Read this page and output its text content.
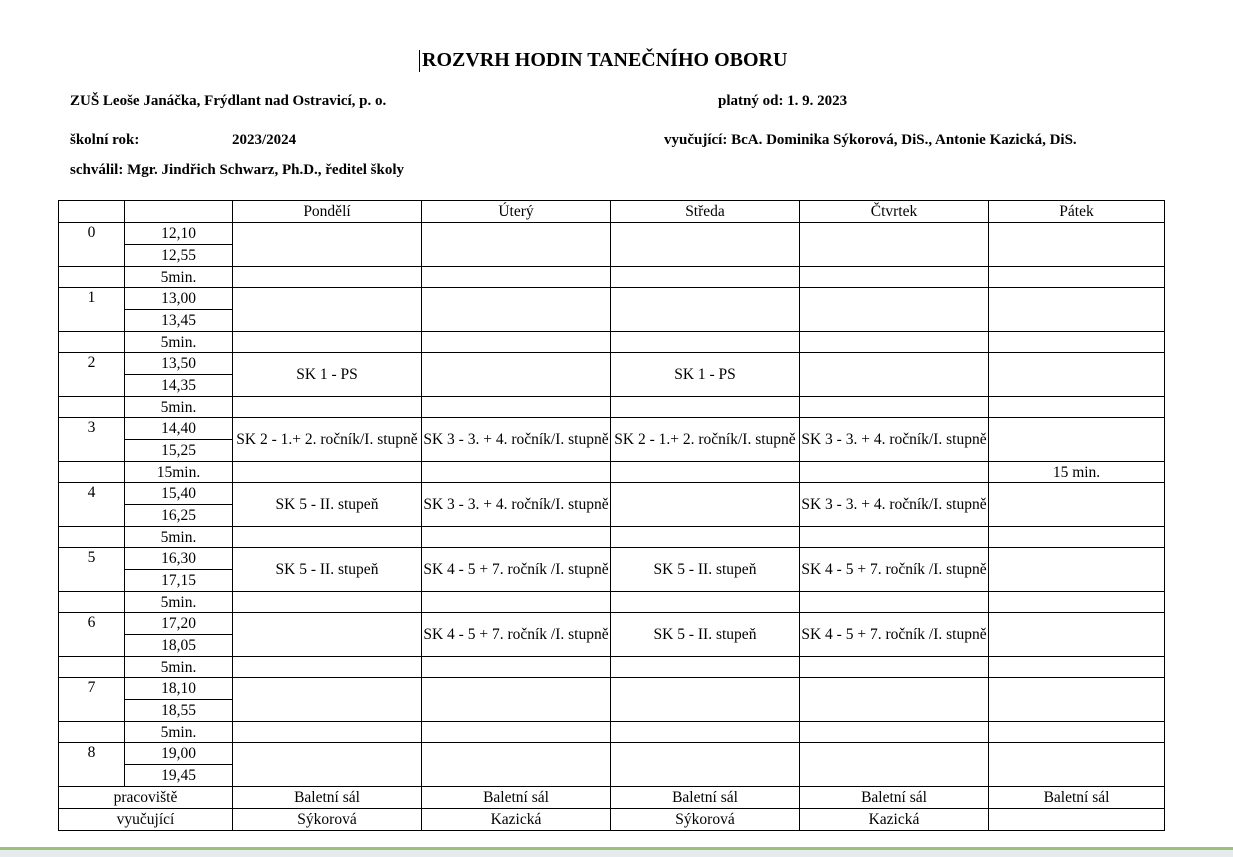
ROZVRH HODIN TANEČNÍHO OBORU
ZUŠ Leoše Janáčka, Frýdlant nad Ostravicí, p. o.	platný od: 1. 9. 2023
školní rok:	2023/2024	vyučující: BcA. Dominika Sýkorová, DiS., Antonie Kazická, DiS.
schválil: Mgr. Jindřich Schwarz, Ph.D., ředitel školy
		Pondělí	Úterý	Středa	Čtvrtek	Pátek
0	12,10					
	12,55					
	5min.					
1	13,00					
	13,45					
	5min.					
2	13,50	SK 1 - PS		SK 1 - PS		
	14,35					
	5min.					
3	14,40	SK 2 - 1.+ 2. ročník/I. stupně	SK 3 - 3. + 4. ročník/I. stupně	SK 2 - 1.+ 2. ročník/I. stupně	SK 3 - 3. + 4. ročník/I. stupně	
	15,25					
	15min.					15 min.
4	15,40	SK 5 - II. stupeň	SK 3 - 3. + 4. ročník/I. stupně		SK 3 - 3. + 4. ročník/I. stupně	
	16,25					
	5min.					
5	16,30	SK 5 - II. stupeň	SK 4 - 5 + 7. ročník /I. stupně	SK 5 - II. stupeň	SK 4 - 5 + 7. ročník /I. stupně	
	17,15					
	5min.					
6	17,20		SK 4 - 5 + 7. ročník /I. stupně	SK 5 - II. stupeň	SK 4 - 5 + 7. ročník /I. stupně	
	18,05					
	5min.					
7	18,10					
	18,55					
	5min.					
8	19,00					
	19,45					
pracoviště		Baletní sál	Baletní sál	Baletní sál	Baletní sál	Baletní sál
vyučující		Sýkorová	Kazická	Sýkorová	Kazická	
